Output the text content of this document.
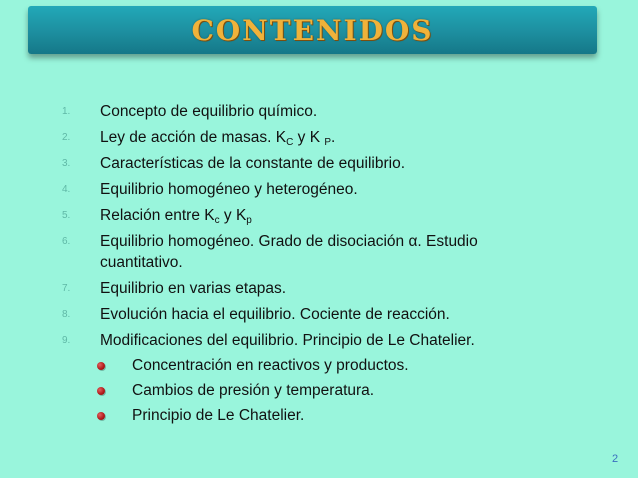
CONTENIDOS
1. Concepto de equilibrio químico.
2. Ley de acción de masas. $K_C$ y K $_P$.
3. Características de la constante de equilibrio.
4. Equilibrio homogéneo y heterogéneo.
5. Relación entre $K_c$ y $K_p$
6. Equilibrio homogéneo. Grado de disociación α. Estudio
cuantitativo.
7. Equilibrio en varias etapas.
8. Evolución hacia el equilibrio. Cociente de reacción.
9. Modificaciones del equilibrio. Principio de Le Chatelier.
Concentración en reactivos y productos.
Cambios de presión y temperatura.
Principio de Le Chatelier.
2
